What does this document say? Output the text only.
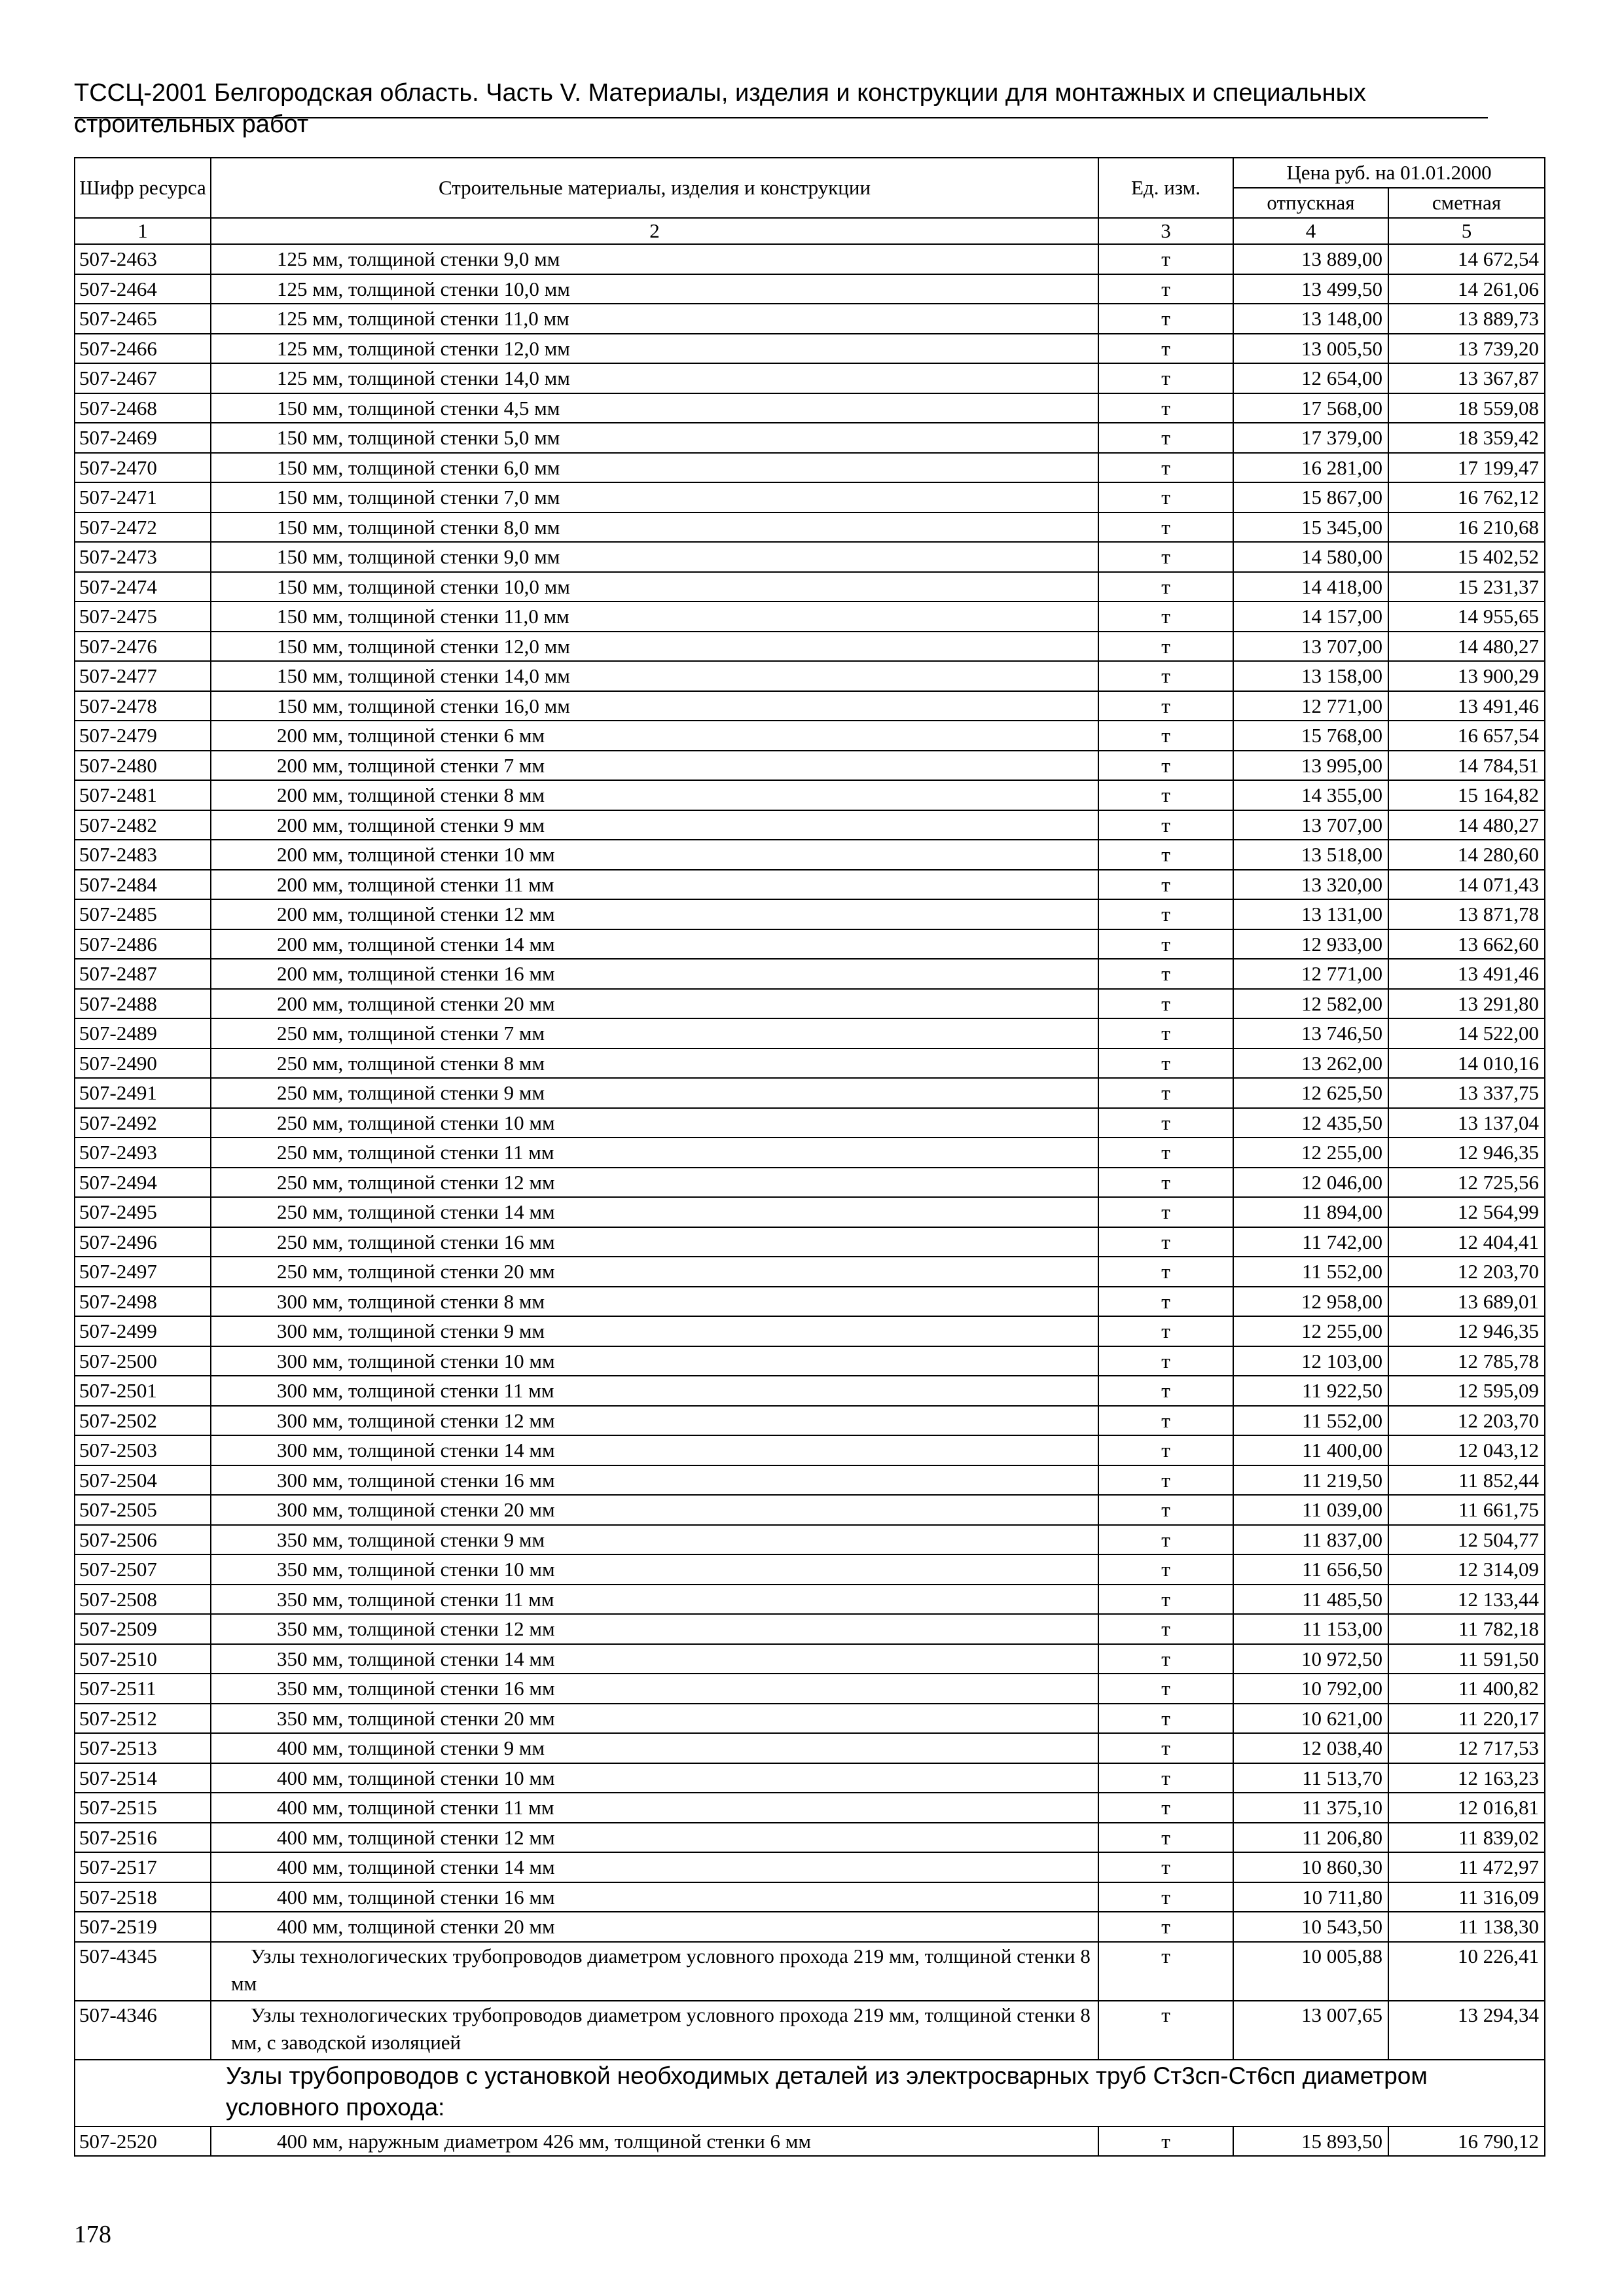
ТССЦ-2001 Белгородская область. Часть V. Материалы, изделия и конструкции для монтажных и специальных
строительных работ
Шифр ресурса	Строительные материалы, изделия и конструкции	Ед. изм.	Цена руб. на 01.01.2000	
			отпускная	сметная
1	2	3	4	5
507-2463	125 мм, толщиной стенки 9,0 мм	т	13 889,00	14 672,54
507-2464	125 мм, толщиной стенки 10,0 мм	т	13 499,50	14 261,06
507-2465	125 мм, толщиной стенки 11,0 мм	т	13 148,00	13 889,73
507-2466	125 мм, толщиной стенки 12,0 мм	т	13 005,50	13 739,20
507-2467	125 мм, толщиной стенки 14,0 мм	т	12 654,00	13 367,87
507-2468	150 мм, толщиной стенки 4,5 мм	т	17 568,00	18 559,08
507-2469	150 мм, толщиной стенки 5,0 мм	т	17 379,00	18 359,42
507-2470	150 мм, толщиной стенки 6,0 мм	т	16 281,00	17 199,47
507-2471	150 мм, толщиной стенки 7,0 мм	т	15 867,00	16 762,12
507-2472	150 мм, толщиной стенки 8,0 мм	т	15 345,00	16 210,68
507-2473	150 мм, толщиной стенки 9,0 мм	т	14 580,00	15 402,52
507-2474	150 мм, толщиной стенки 10,0 мм	т	14 418,00	15 231,37
507-2475	150 мм, толщиной стенки 11,0 мм	т	14 157,00	14 955,65
507-2476	150 мм, толщиной стенки 12,0 мм	т	13 707,00	14 480,27
507-2477	150 мм, толщиной стенки 14,0 мм	т	13 158,00	13 900,29
507-2478	150 мм, толщиной стенки 16,0 мм	т	12 771,00	13 491,46
507-2479	200 мм, толщиной стенки 6 мм	т	15 768,00	16 657,54
507-2480	200 мм, толщиной стенки 7 мм	т	13 995,00	14 784,51
507-2481	200 мм, толщиной стенки 8 мм	т	14 355,00	15 164,82
507-2482	200 мм, толщиной стенки 9 мм	т	13 707,00	14 480,27
507-2483	200 мм, толщиной стенки 10 мм	т	13 518,00	14 280,60
507-2484	200 мм, толщиной стенки 11 мм	т	13 320,00	14 071,43
507-2485	200 мм, толщиной стенки 12 мм	т	13 131,00	13 871,78
507-2486	200 мм, толщиной стенки 14 мм	т	12 933,00	13 662,60
507-2487	200 мм, толщиной стенки 16 мм	т	12 771,00	13 491,46
507-2488	200 мм, толщиной стенки 20 мм	т	12 582,00	13 291,80
507-2489	250 мм, толщиной стенки 7 мм	т	13 746,50	14 522,00
507-2490	250 мм, толщиной стенки 8 мм	т	13 262,00	14 010,16
507-2491	250 мм, толщиной стенки 9 мм	т	12 625,50	13 337,75
507-2492	250 мм, толщиной стенки 10 мм	т	12 435,50	13 137,04
507-2493	250 мм, толщиной стенки 11 мм	т	12 255,00	12 946,35
507-2494	250 мм, толщиной стенки 12 мм	т	12 046,00	12 725,56
507-2495	250 мм, толщиной стенки 14 мм	т	11 894,00	12 564,99
507-2496	250 мм, толщиной стенки 16 мм	т	11 742,00	12 404,41
507-2497	250 мм, толщиной стенки 20 мм	т	11 552,00	12 203,70
507-2498	300 мм, толщиной стенки 8 мм	т	12 958,00	13 689,01
507-2499	300 мм, толщиной стенки 9 мм	т	12 255,00	12 946,35
507-2500	300 мм, толщиной стенки 10 мм	т	12 103,00	12 785,78
507-2501	300 мм, толщиной стенки 11 мм	т	11 922,50	12 595,09
507-2502	300 мм, толщиной стенки 12 мм	т	11 552,00	12 203,70
507-2503	300 мм, толщиной стенки 14 мм	т	11 400,00	12 043,12
507-2504	300 мм, толщиной стенки 16 мм	т	11 219,50	11 852,44
507-2505	300 мм, толщиной стенки 20 мм	т	11 039,00	11 661,75
507-2506	350 мм, толщиной стенки 9 мм	т	11 837,00	12 504,77
507-2507	350 мм, толщиной стенки 10 мм	т	11 656,50	12 314,09
507-2508	350 мм, толщиной стенки 11 мм	т	11 485,50	12 133,44
507-2509	350 мм, толщиной стенки 12 мм	т	11 153,00	11 782,18
507-2510	350 мм, толщиной стенки 14 мм	т	10 972,50	11 591,50
507-2511	350 мм, толщиной стенки 16 мм	т	10 792,00	11 400,82
507-2512	350 мм, толщиной стенки 20 мм	т	10 621,00	11 220,17
507-2513	400 мм, толщиной стенки 9 мм	т	12 038,40	12 717,53
507-2514	400 мм, толщиной стенки 10 мм	т	11 513,70	12 163,23
507-2515	400 мм, толщиной стенки 11 мм	т	11 375,10	12 016,81
507-2516	400 мм, толщиной стенки 12 мм	т	11 206,80	11 839,02
507-2517	400 мм, толщиной стенки 14 мм	т	10 860,30	11 472,97
507-2518	400 мм, толщиной стенки 16 мм	т	10 711,80	11 316,09
507-2519	400 мм, толщиной стенки 20 мм	т	10 543,50	11 138,30
507-4345	Узлы технологических трубопроводов диаметром условного прохода 219 мм, толщиной стенки 8 мм	т	10 005,88	10 226,41
507-4346	Узлы технологических трубопроводов диаметром условного прохода 219 мм, толщиной стенки 8 мм, с заводской изоляцией	т	13 007,65	13 294,34
Узлы трубопроводов с установкой необходимых деталей из электросварных труб Ст3сп-Ст6сп диаметром условного прохода:				
507-2520	400 мм, наружным диаметром 426 мм, толщиной стенки 6 мм	т	15 893,50	16 790,12
178
